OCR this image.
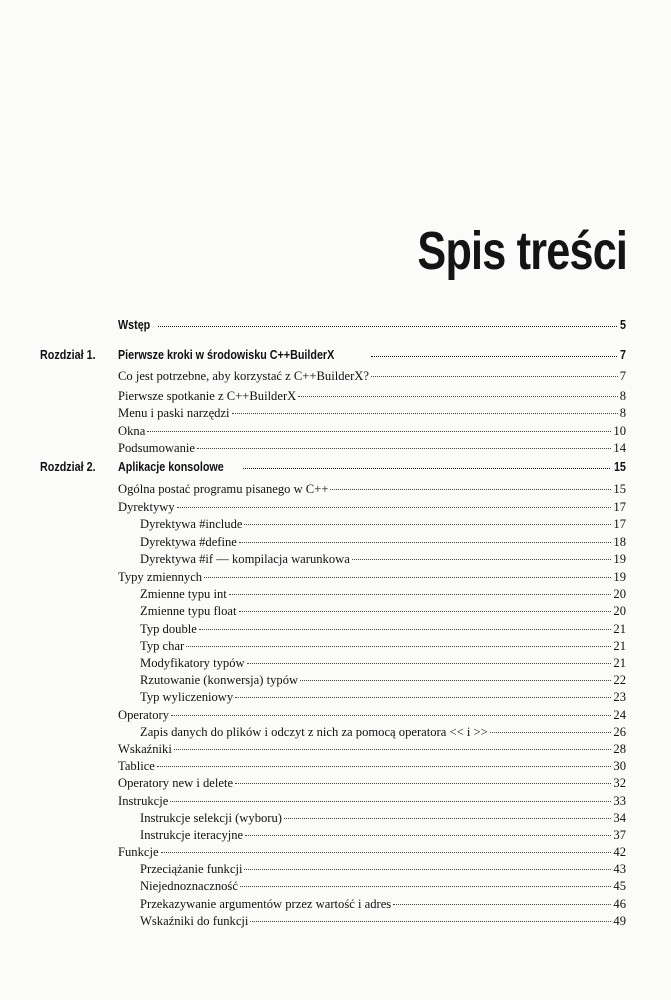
Spis treści
Wstęp	5
Rozdział 1. Pierwsze kroki w środowisku C++BuilderX	7
Co jest potrzebne, aby korzystać z C++BuilderX?	7
Pierwsze spotkanie z C++BuilderX	8
Menu i paski narzędzi	8
Okna	10
Podsumowanie	14
Rozdział 2. Aplikacje konsolowe	15
Ogólna postać programu pisanego w C++	15
Dyrektywy	17
Dyrektywa #include	17
Dyrektywa #define	18
Dyrektywa #if — kompilacja warunkowa	19
Typy zmiennych	19
Zmienne typu int	20
Zmienne typu float	20
Typ double	21
Typ char	21
Modyfikatory typów	21
Rzutowanie (konwersja) typów	22
Typ wyliczeniowy	23
Operatory	24
Zapis danych do plików i odczyt z nich za pomocą operatora << i >>	26
Wskaźniki	28
Tablice	30
Operatory new i delete	32
Instrukcje	33
Instrukcje selekcji (wyboru)	34
Instrukcje iteracyjne	37
Funkcje	42
Przeciążanie funkcji	43
Niejednoznaczność	45
Przekazywanie argumentów przez wartość i adres	46
Wskaźniki do funkcji	49
